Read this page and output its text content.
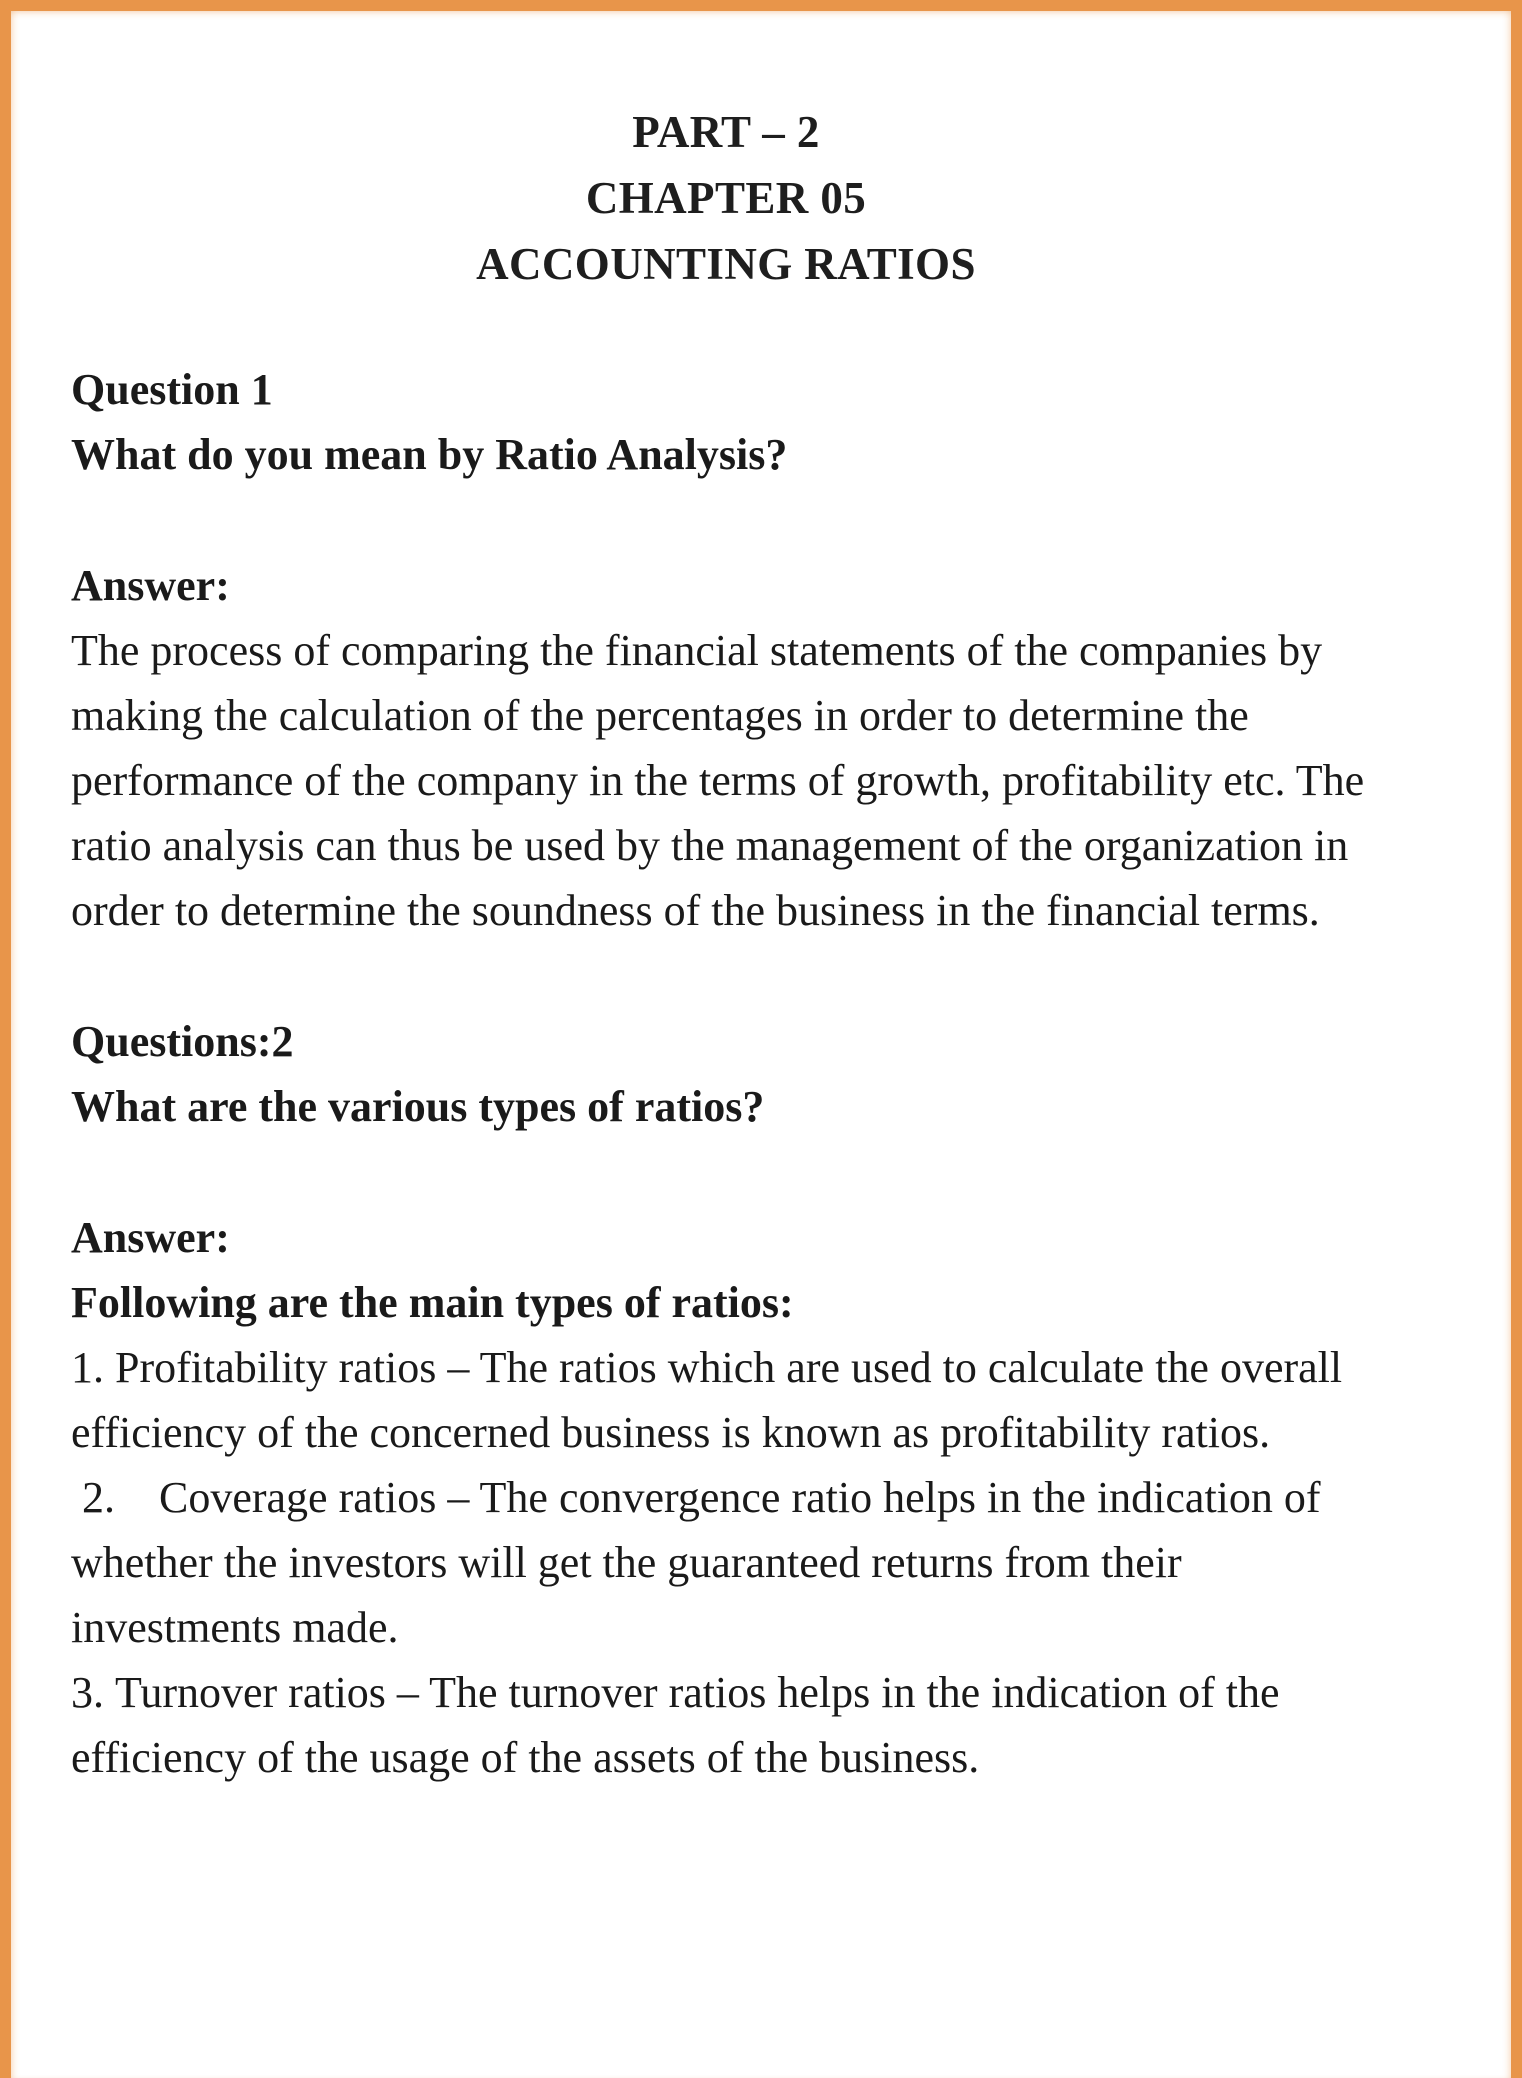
PART – 2
CHAPTER 05
ACCOUNTING RATIOS
Question 1
What do you mean by Ratio Analysis?
Answer:
The process of comparing the financial statements of the companies by making the calculation of the percentages in order to determine the performance of the company in the terms of growth, profitability etc. The ratio analysis can thus be used by the management of the organization in order to determine the soundness of the business in the financial terms.
Questions:2
What are the various types of ratios?
Answer:
Following are the main types of ratios:
1.	Profitability ratios – The ratios which are used to calculate the overall efficiency of the concerned business is known as profitability ratios.
2.	Coverage ratios – The convergence ratio helps in the indication of whether the investors will get the guaranteed returns from their investments made.
3.	Turnover ratios – The turnover ratios helps in the indication of the efficiency of the usage of the assets of the business.
